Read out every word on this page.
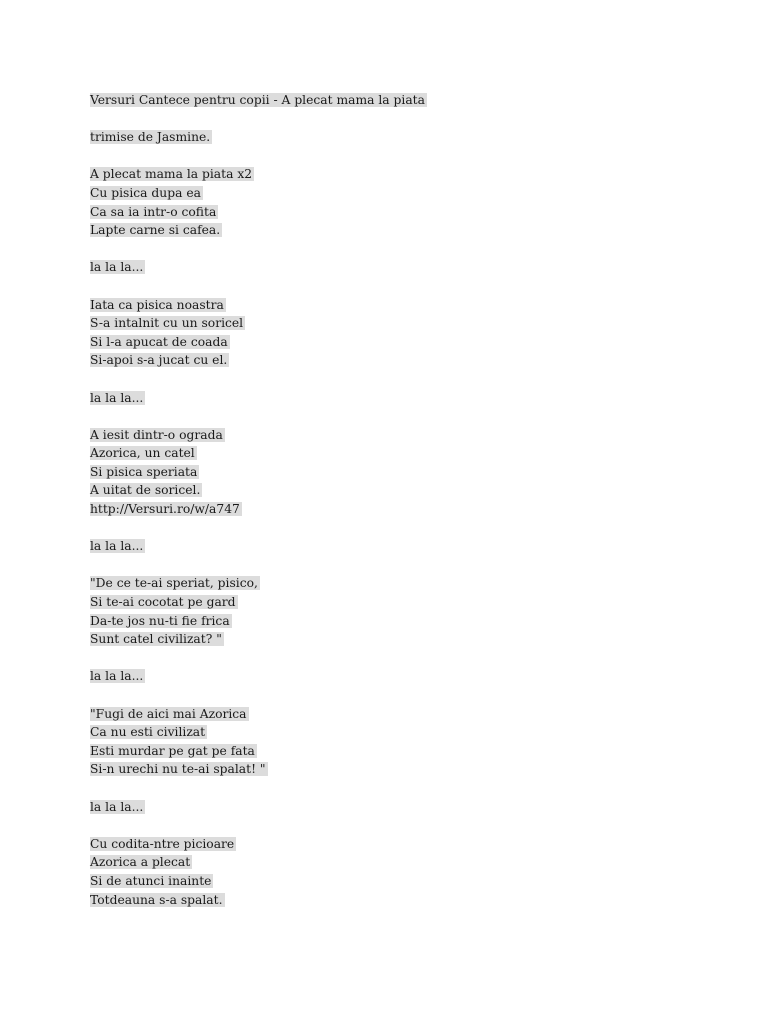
Versuri Cantece pentru copii - A plecat mama la piata
trimise de Jasmine.
A plecat mama la piata x2
Cu pisica dupa ea
Ca sa ia intr-o cofita
Lapte carne si cafea.
la la la...
Iata ca pisica noastra
S-a intalnit cu un soricel
Si l-a apucat de coada
Si-apoi s-a jucat cu el.
la la la...
A iesit dintr-o ograda
Azorica, un catel
Si pisica speriata
A uitat de soricel.
http://Versuri.ro/w/a747
la la la...
"De ce te-ai speriat, pisico,
Si te-ai cocotat pe gard
Da-te jos nu-ti fie frica
Sunt catel civilizat? "
la la la...
"Fugi de aici mai Azorica
Ca nu esti civilizat
Esti murdar pe gat pe fata
Si-n urechi nu te-ai spalat! "
la la la...
Cu codita-ntre picioare
Azorica a plecat
Si de atunci inainte
Totdeauna s-a spalat.
